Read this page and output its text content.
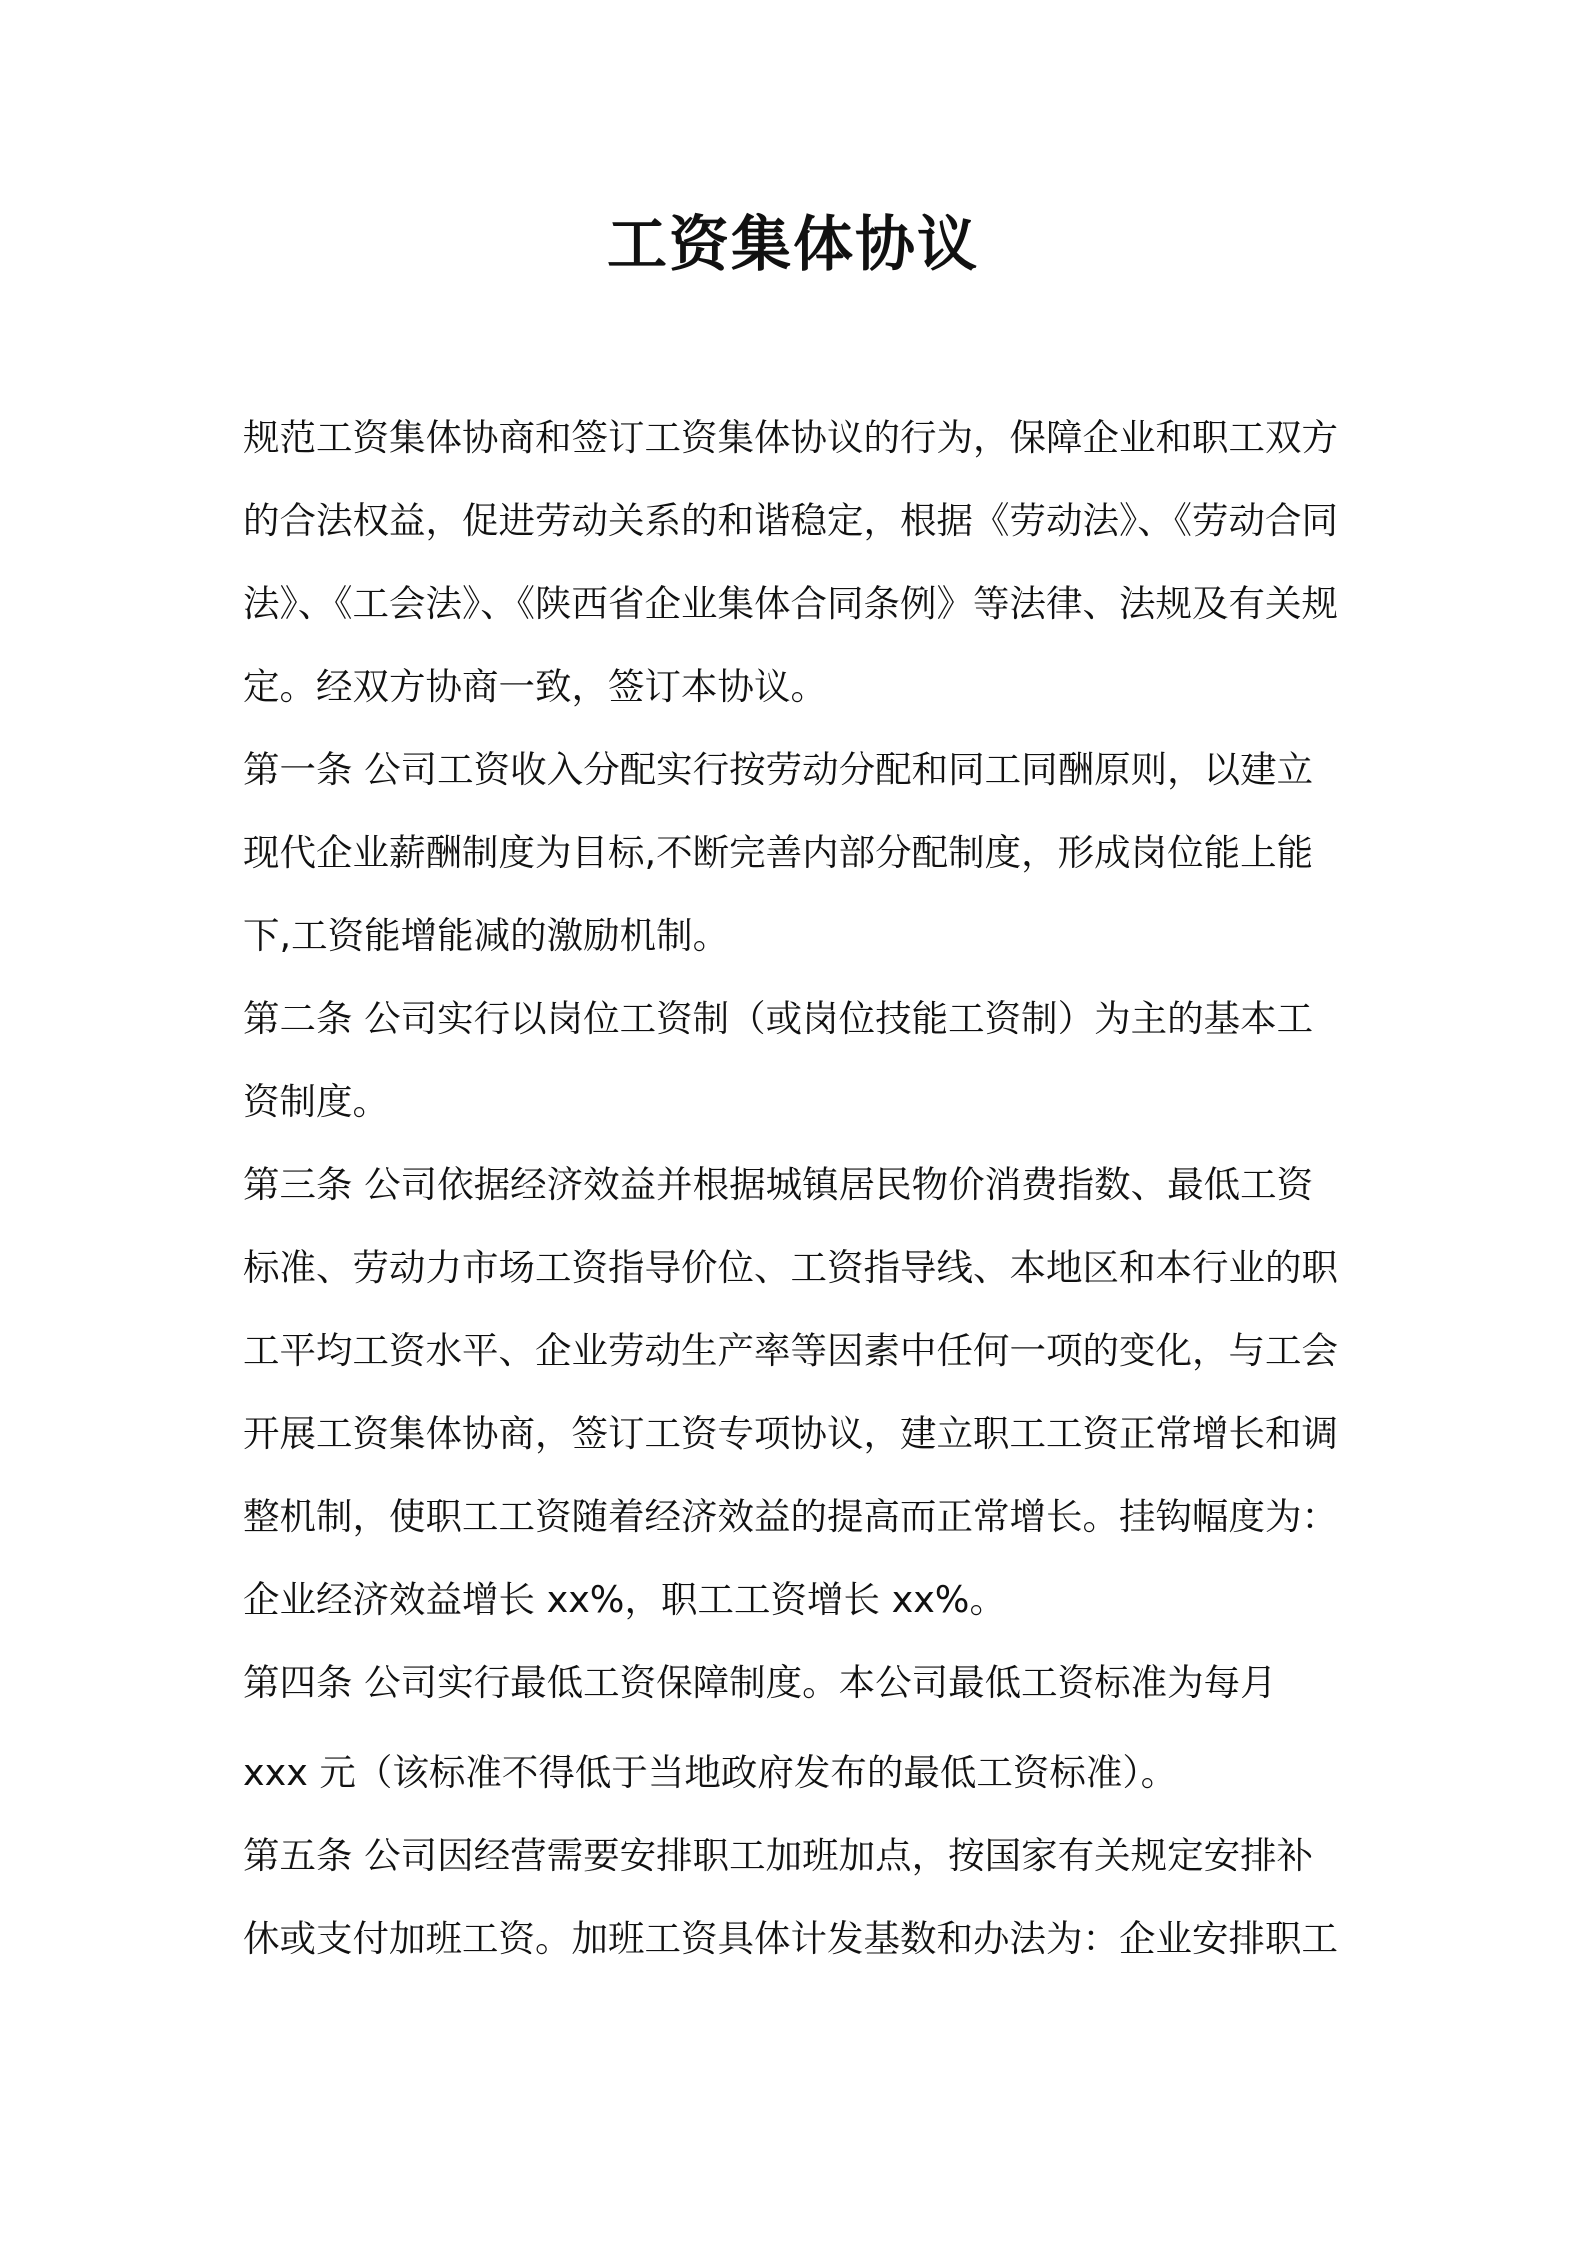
工资集体协议
规范工资集体协商和签订工资集体协议的行为，保障企业和职工双方
的合法权益，促进劳动关系的和谐稳定，根据《劳动法》、《劳动合同
法》、《工会法》、《陕西省企业集体合同条例》等法律、法规及有关规
定。经双方协商一致，签订本协议。
第一条 公司工资收入分配实行按劳动分配和同工同酬原则，以建立
现代企业薪酬制度为目标,不断完善内部分配制度，形成岗位能上能
下,工资能增能减的激励机制。
第二条 公司实行以岗位工资制（或岗位技能工资制）为主的基本工
资制度。
第三条 公司依据经济效益并根据城镇居民物价消费指数、最低工资
标准、劳动力市场工资指导价位、工资指导线、本地区和本行业的职
工平均工资水平、企业劳动生产率等因素中任何一项的变化，与工会
开展工资集体协商，签订工资专项协议，建立职工工资正常增长和调
整机制，使职工工资随着经济效益的提高而正常增长。挂钩幅度为：
企业经济效益增长 xx%，职工工资增长 xx%。
第四条 公司实行最低工资保障制度。本公司最低工资标准为每月
xxx 元（该标准不得低于当地政府发布的最低工资标准）。
第五条 公司因经营需要安排职工加班加点，按国家有关规定安排补
休或支付加班工资。加班工资具体计发基数和办法为：企业安排职工
